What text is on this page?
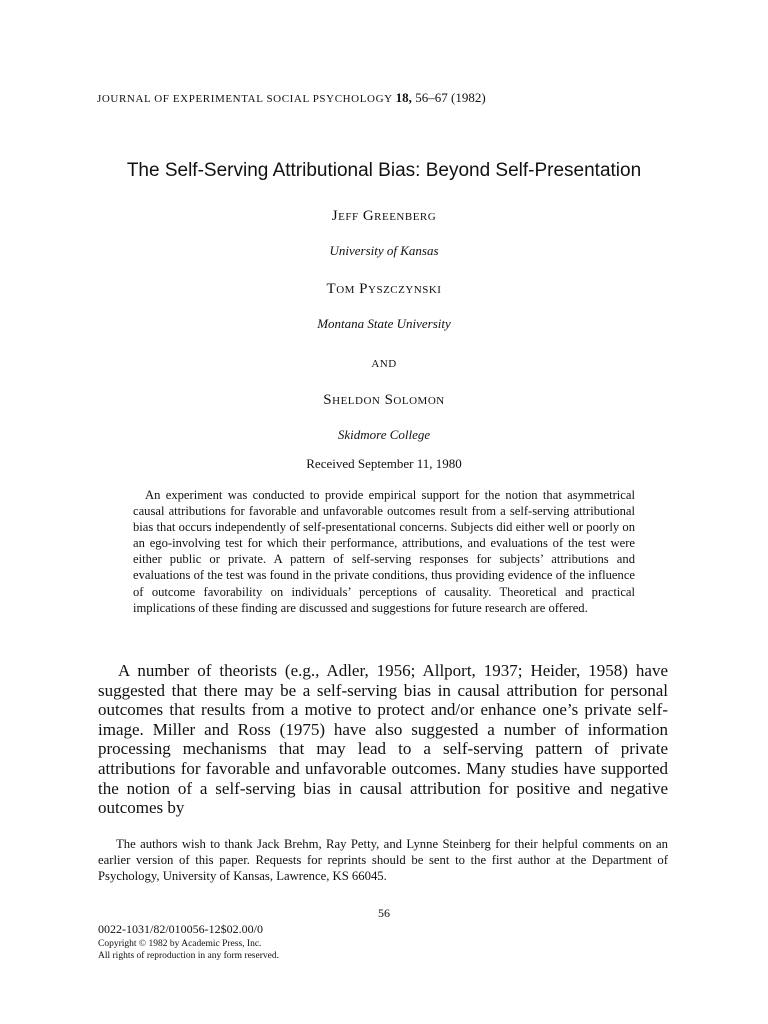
JOURNAL OF EXPERIMENTAL SOCIAL PSYCHOLOGY 18, 56–67 (1982)
The Self-Serving Attributional Bias: Beyond Self-Presentation
Jeff Greenberg
University of Kansas
Tom Pyszczynski
Montana State University
AND
Sheldon Solomon
Skidmore College
Received September 11, 1980
An experiment was conducted to provide empirical support for the notion that asymmetrical causal attributions for favorable and unfavorable outcomes result from a self-serving attributional bias that occurs independently of self-presentational concerns. Subjects did either well or poorly on an ego-involving test for which their performance, attributions, and evaluations of the test were either public or private. A pattern of self-serving responses for subjects’ attributions and evaluations of the test was found in the private conditions, thus providing evidence of the influence of outcome favorability on individuals’ perceptions of causality. Theoretical and practical implications of these finding are discussed and suggestions for future research are offered.
A number of theorists (e.g., Adler, 1956; Allport, 1937; Heider, 1958) have suggested that there may be a self-serving bias in causal attribution for personal outcomes that results from a motive to protect and/or enhance one’s private self-image. Miller and Ross (1975) have also suggested a number of information processing mechanisms that may lead to a self-serving pattern of private attributions for favorable and unfavorable outcomes. Many studies have supported the notion of a self-serving bias in causal attribution for positive and negative outcomes by
The authors wish to thank Jack Brehm, Ray Petty, and Lynne Steinberg for their helpful comments on an earlier version of this paper. Requests for reprints should be sent to the first author at the Department of Psychology, University of Kansas, Lawrence, KS 66045.
56
0022-1031/82/010056-12$02.00/0
Copyright © 1982 by Academic Press, Inc.
All rights of reproduction in any form reserved.
